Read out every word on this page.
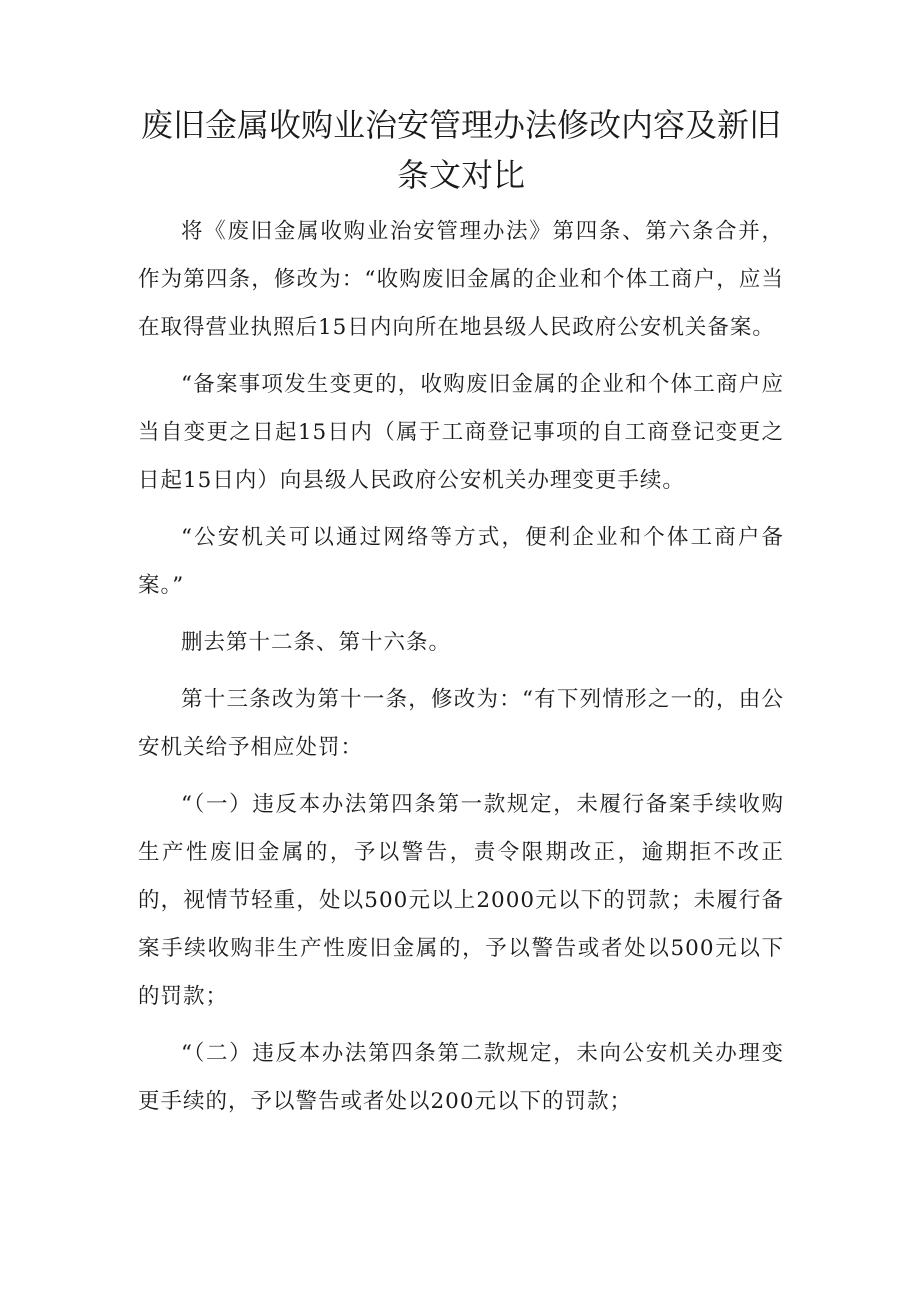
废旧金属收购业治安管理办法修改内容及新旧条文对比

将《废旧金属收购业治安管理办法》第四条、第六条合并，作为第四条，修改为：“收购废旧金属的企业和个体工商户，应当在取得营业执照后15日内向所在地县级人民政府公安机关备案。

“备案事项发生变更的，收购废旧金属的企业和个体工商户应当自变更之日起15日内（属于工商登记事项的自工商登记变更之日起15日内）向县级人民政府公安机关办理变更手续。

“公安机关可以通过网络等方式，便利企业和个体工商户备案。”

删去第十二条、第十六条。

第十三条改为第十一条，修改为：“有下列情形之一的，由公安机关给予相应处罚：

“（一）违反本办法第四条第一款规定，未履行备案手续收购生产性废旧金属的，予以警告，责令限期改正，逾期拒不改正的，视情节轻重，处以500元以上2000元以下的罚款；未履行备案手续收购非生产性废旧金属的，予以警告或者处以500元以下的罚款；

“（二）违反本办法第四条第二款规定，未向公安机关办理变更手续的，予以警告或者处以200元以下的罚款；
